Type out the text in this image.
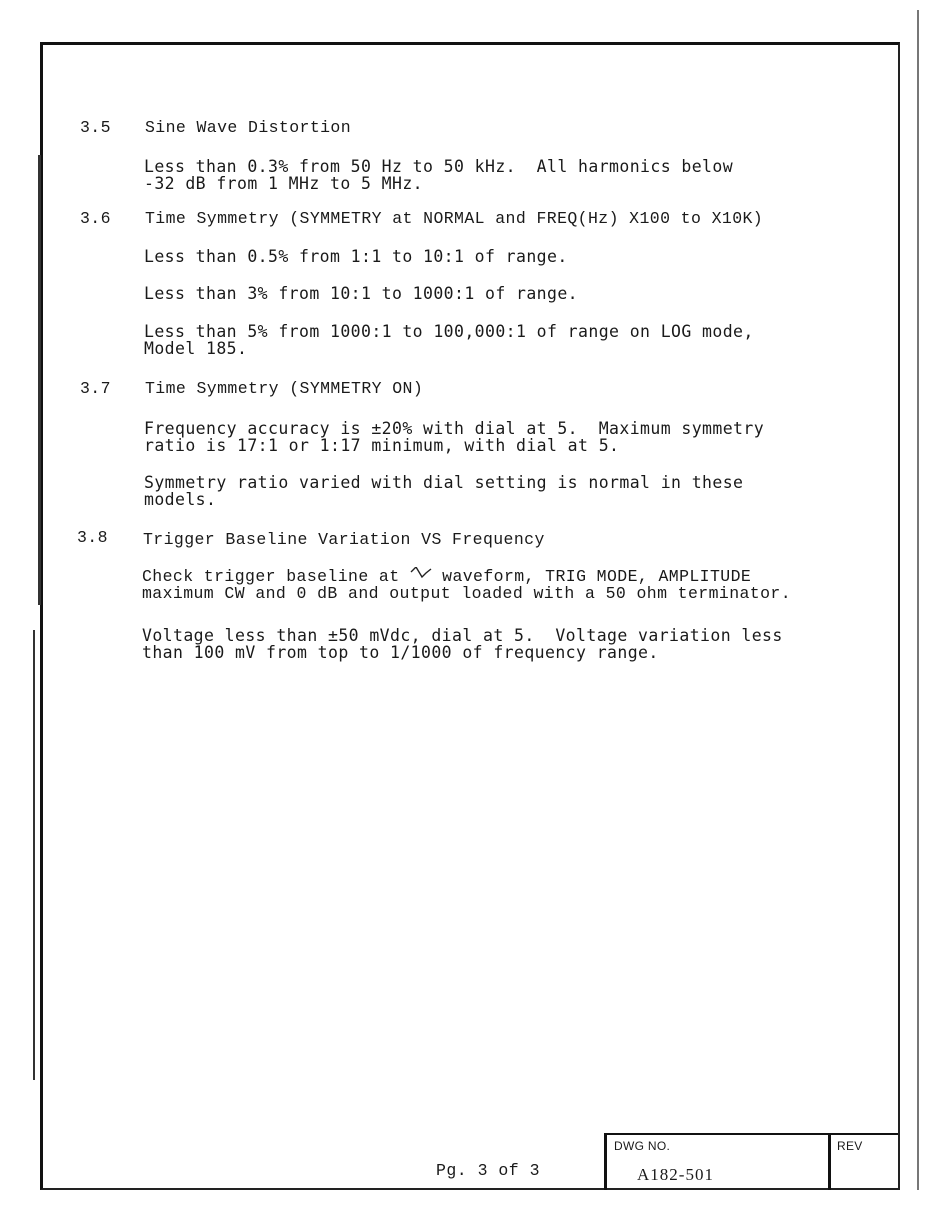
3.5 Sine Wave Distortion
Less than 0.3% from 50 Hz to 50 kHz.  All harmonics below
-32 dB from 1 MHz to 5 MHz.
3.6 Time Symmetry (SYMMETRY at NORMAL and FREQ(Hz) X100 to X10K)
Less than 0.5% from 1:1 to 10:1 of range.
Less than 3% from 10:1 to 1000:1 of range.
Less than 5% from 1000:1 to 100,000:1 of range on LOG mode,
Model 185.
3.7 Time Symmetry (SYMMETRY ON)
Frequency accuracy is ±20% with dial at 5.  Maximum symmetry
ratio is 17:1 or 1:17 minimum, with dial at 5.
Symmetry ratio varied with dial setting is normal in these
models.
3.8 Trigger Baseline Variation VS Frequency
Check trigger baseline at  waveform, TRIG MODE, AMPLITUDE
maximum CW and 0 dB and output loaded with a 50 ohm terminator.
Voltage less than ±50 mVdc, dial at 5.  Voltage variation less
than 100 mV from top to 1/1000 of frequency range.
Pg. 3 of 3
DWG NO.
A182-501
REV
